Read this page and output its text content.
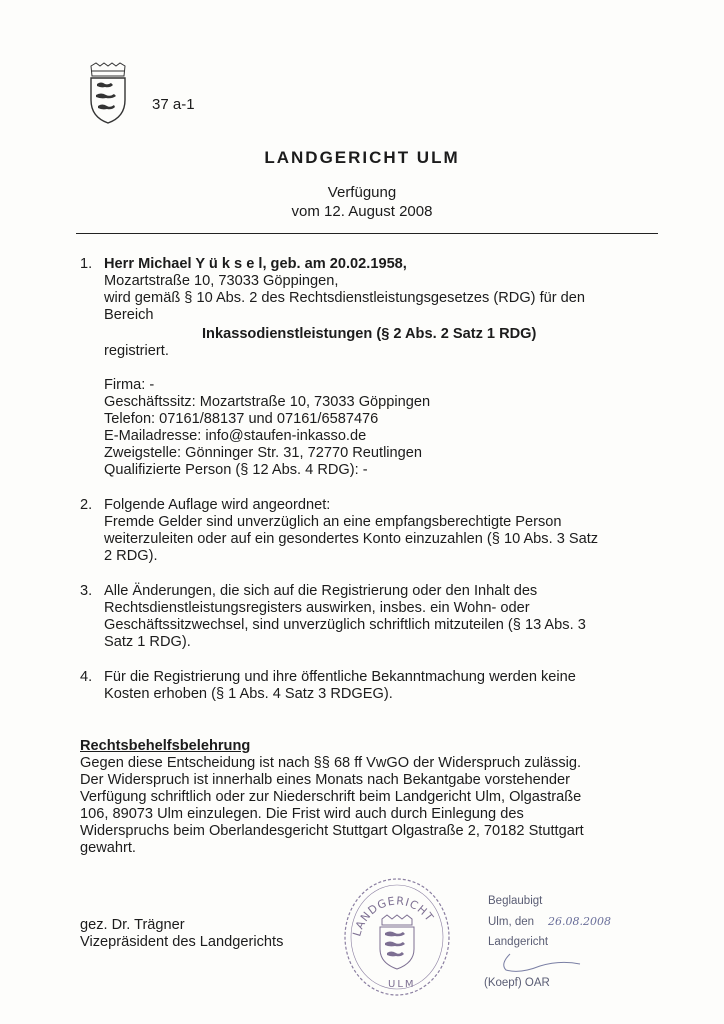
37 a-1
LANDGERICHT ULM
Verfügung
vom 12. August 2008
1. Herr Michael Y ü k s e l, geb. am 20.02.1958,
Mozartstraße 10, 73033 Göppingen,
wird gemäß § 10 Abs. 2 des Rechtsdienstleistungsgesetzes (RDG) für den
Bereich
Inkassodienstleistungen (§ 2 Abs. 2 Satz 1 RDG)
registriert.
Firma: -
Geschäftssitz: Mozartstraße 10, 73033 Göppingen
Telefon: 07161/88137 und 07161/6587476
E-Mailadresse: info@staufen-inkasso.de
Zweigstelle: Gönninger Str. 31, 72770 Reutlingen
Qualifizierte Person (§ 12 Abs. 4 RDG): -
2. Folgende Auflage wird angeordnet:
Fremde Gelder sind unverzüglich an eine empfangsberechtigte Person
weiterzuleiten oder auf ein gesondertes Konto einzuzahlen (§ 10 Abs. 3 Satz
2 RDG).
3. Alle Änderungen, die sich auf die Registrierung oder den Inhalt des
Rechtsdienstleistungsregisters auswirken, insbes. ein Wohn- oder
Geschäftssitzwechsel, sind unverzüglich schriftlich mitzuteilen (§ 13 Abs. 3
Satz 1 RDG).
4. Für die Registrierung und ihre öffentliche Bekanntmachung werden keine
Kosten erhoben (§ 1 Abs. 4 Satz 3 RDGEG).
Rechtsbehelfsbelehrung
Gegen diese Entscheidung ist nach §§ 68 ff VwGO der Widerspruch zulässig.
Der Widerspruch ist innerhalb eines Monats nach Bekantgabe vorstehender
Verfügung schriftlich oder zur Niederschrift beim Landgericht Ulm, Olgastraße
106, 89073 Ulm einzulegen. Die Frist wird auch durch Einlegung des
Widerspruchs beim Oberlandesgericht Stuttgart Olgastraße 2, 70182 Stuttgart
gewahrt.
gez. Dr. Trägner
Vizepräsident des Landgerichts
LANDGERICHT
ULM
Beglaubigt
Ulm, den 26.08.2008
Landgericht
(Koepf) OAR
